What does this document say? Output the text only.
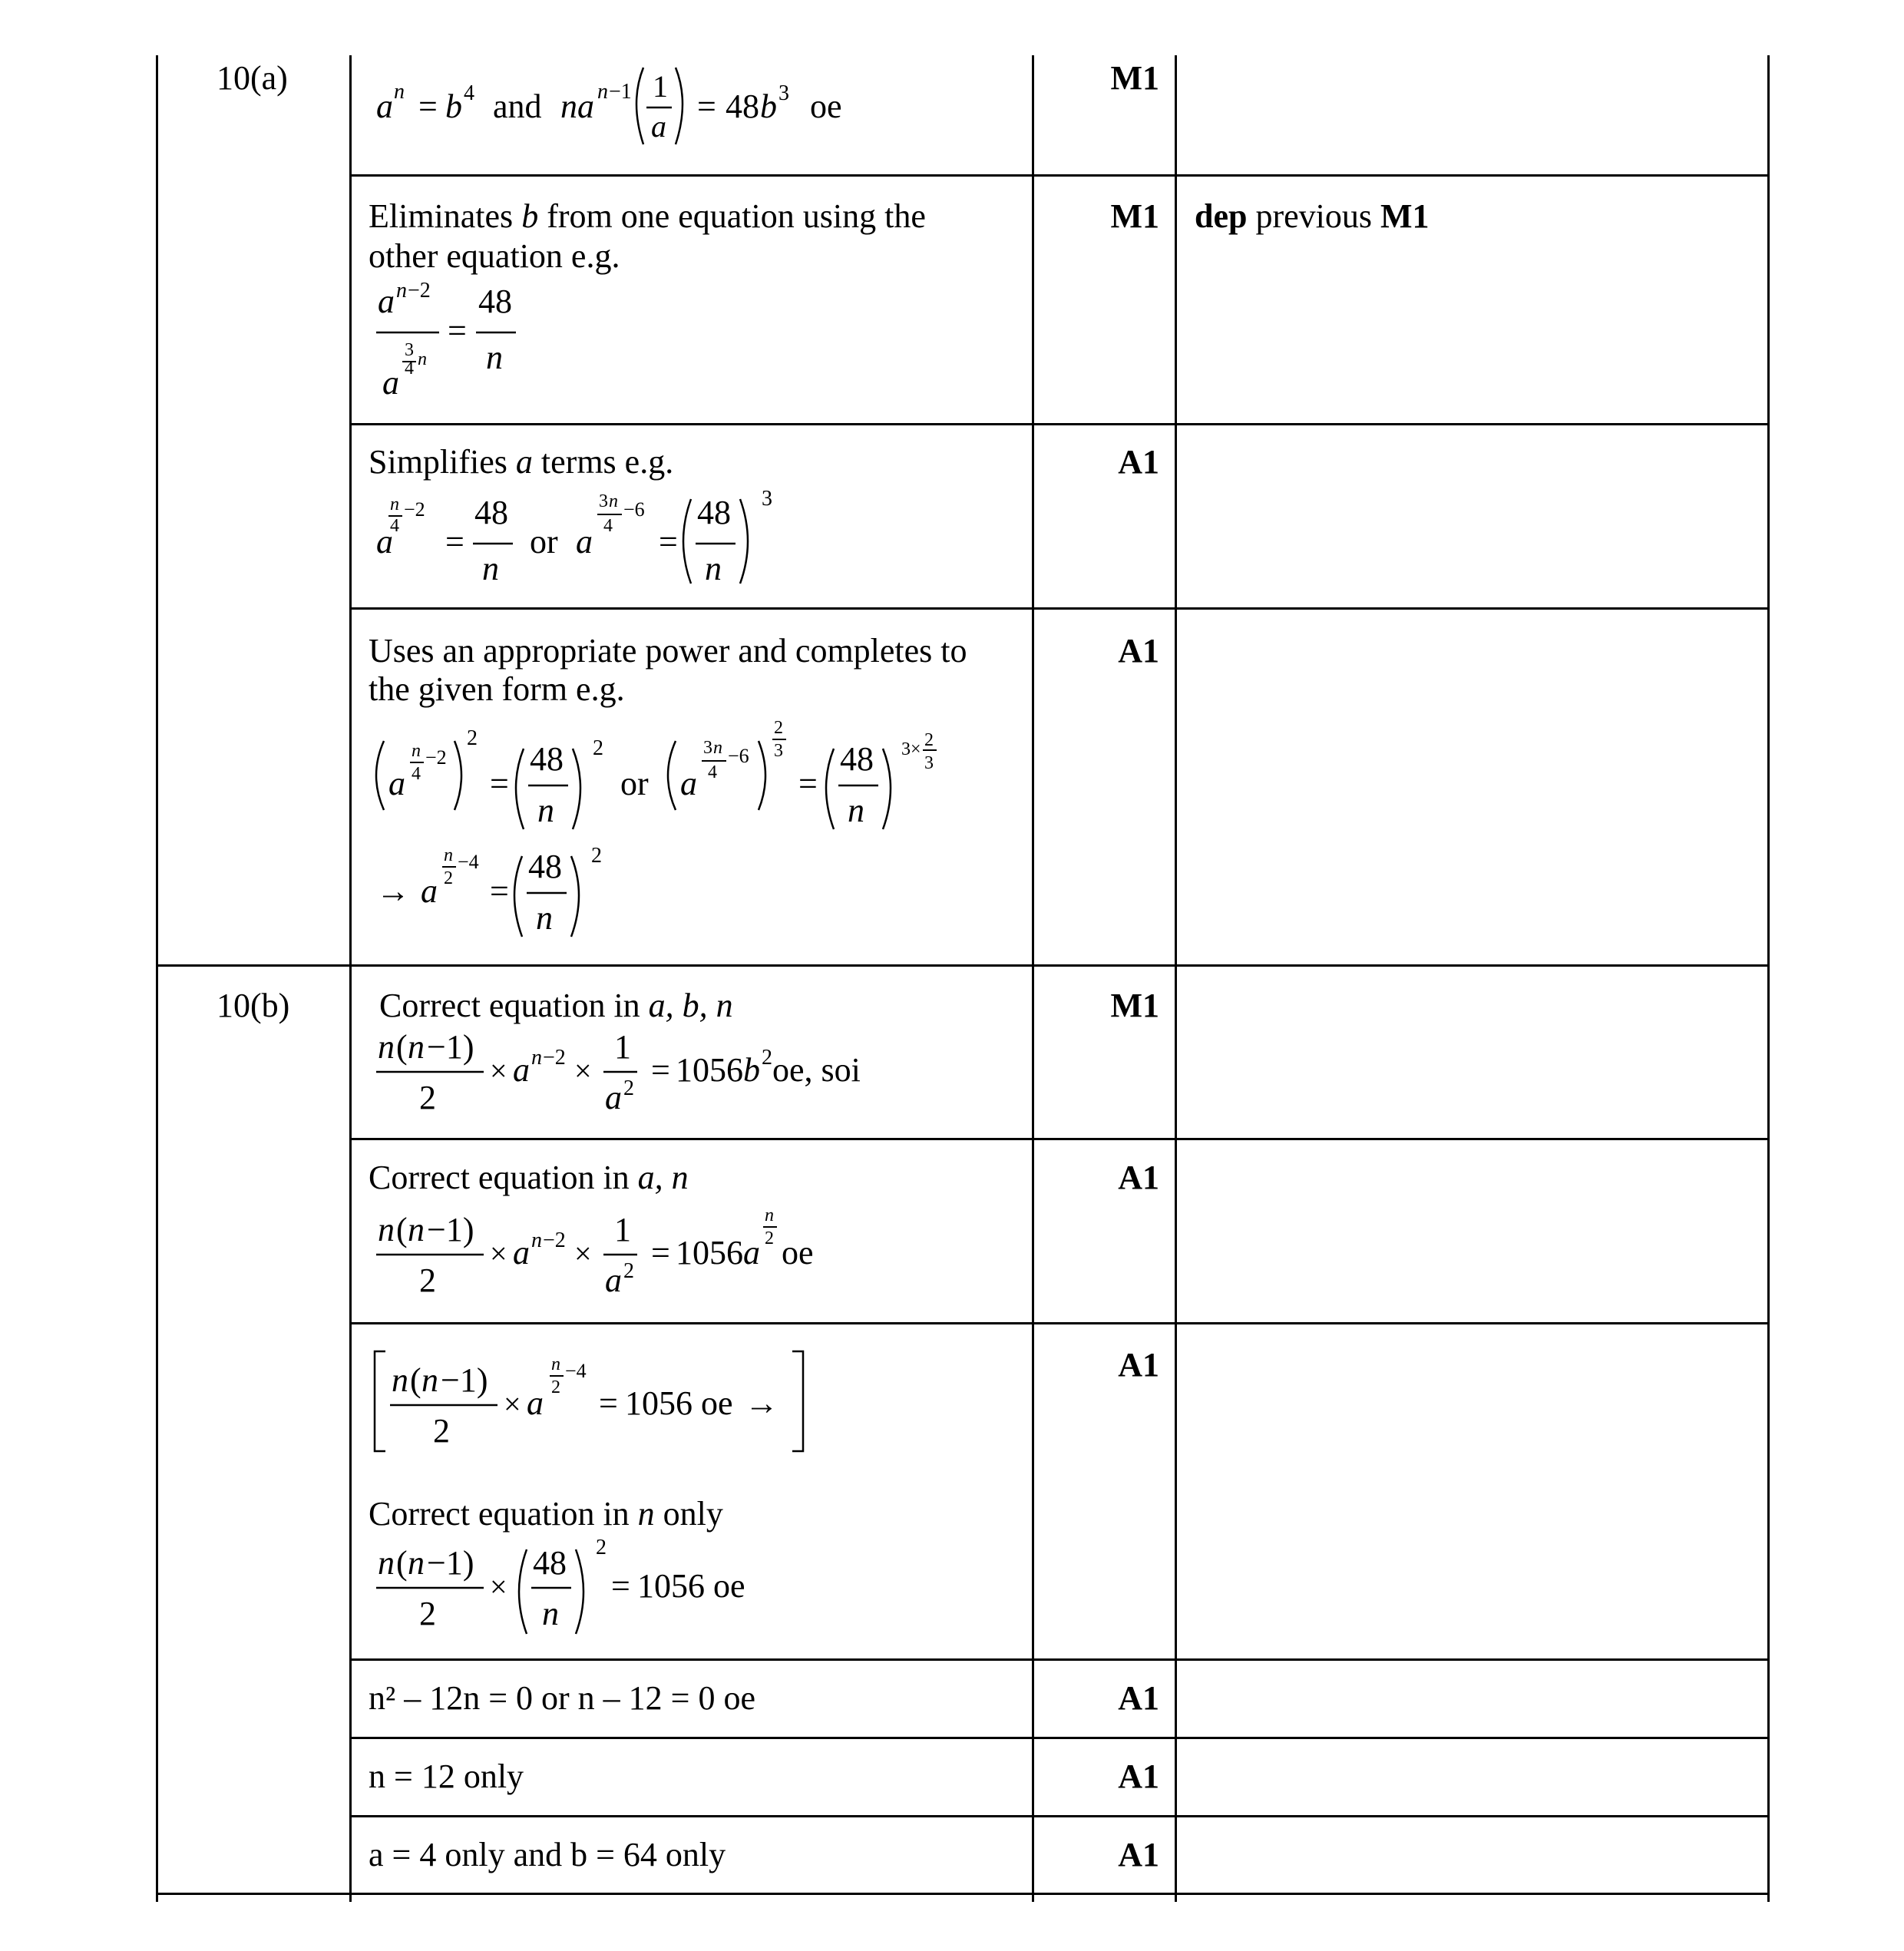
10(a)
10(b)
M1
M1
A1
A1
M1
A1
A1
A1
A1
A1
dep previous M1
a n = b 4 and na n −1 1
a
= 48 b 3 oe
Eliminates b from one equation using the
other equation e.g.
a n −2
3
4 n
a
=
48
n
Simplifies a terms e.g.
n
4
−2
a =
48
n
or a
3 n
4
−6
=
48
n
3
Uses an appropriate power and completes to
the given form e.g.
n
4
−2
a
2
=
48
n
2
or a
3 n
4
−6
2
3
=
48
n
3× 2
3
→
n
2
−4
a =
48
n
2
Correct equation in a, b, n
n ( n −1)
2
× a n −2 ×
1
a 2 = 1056 b 2 oe, soi
Correct equation in a, n
n ( n −1)
2
× a n −2 ×
1
a 2 = 1056 a
n
2 oe
n ( n −1)
2
× a
n
2
−4
= 1056 oe →
Correct equation in n only
n ( n −1)
2
×
48
n
2
= 1056 oe
n² – 12n = 0 or n – 12 = 0 oe
n = 12 only
a = 4 only and b = 64 only
